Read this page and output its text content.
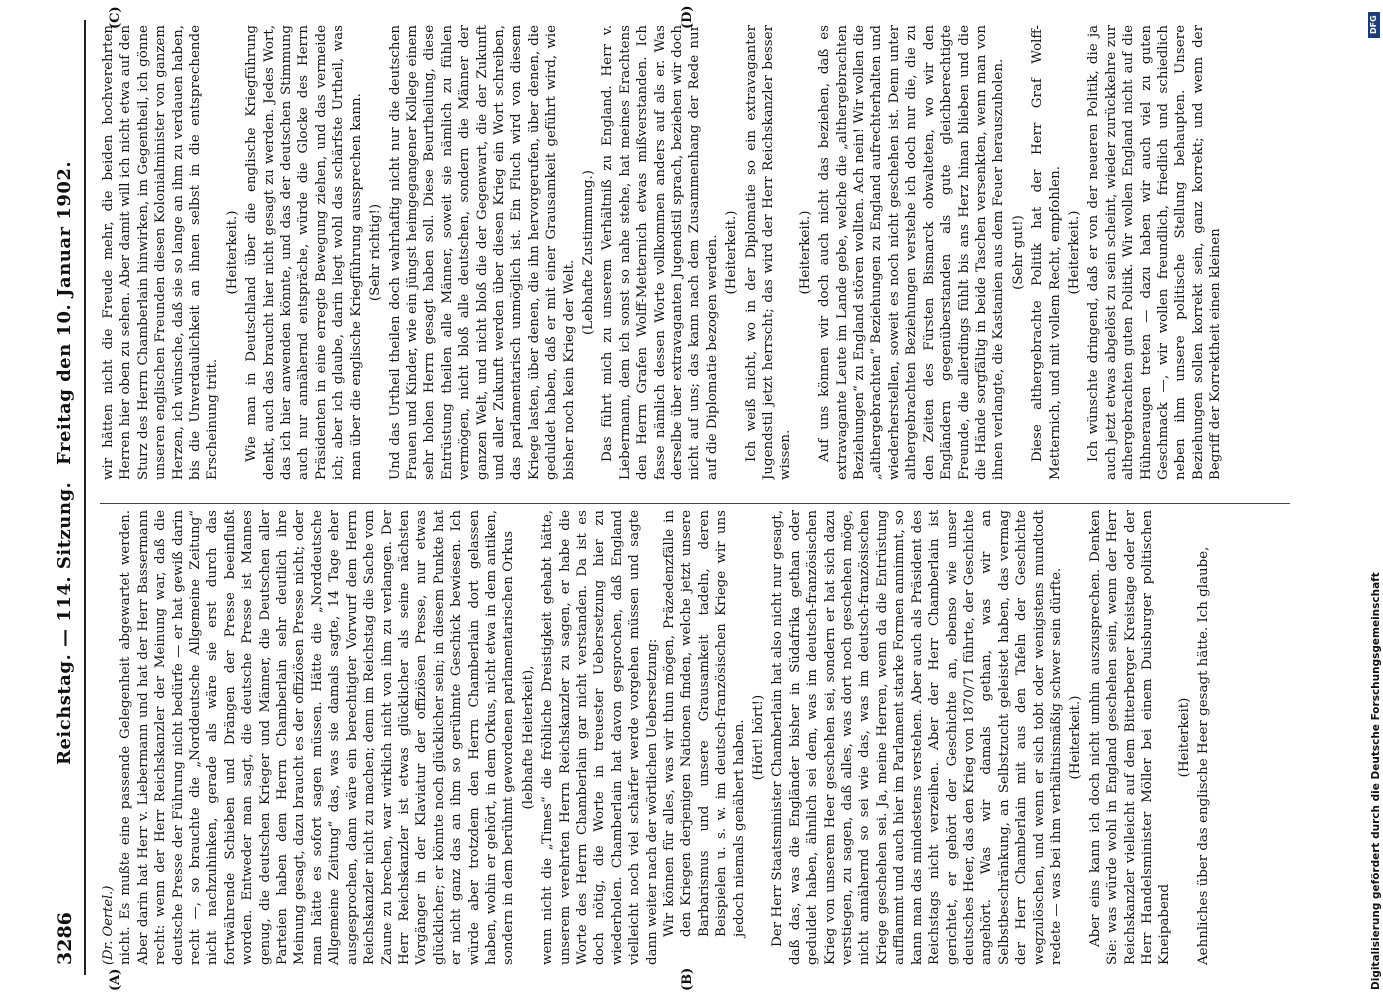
3286
Reichstag. — 114. Sitzung.
Freitag den 10. Januar 1902.
(A)	(B)
(C)	(D)
(Dr. Oertel.) nicht. Es mußte eine passende Gelegenheit abgewartet werden. Aber darin hat Herr v. Liebermann und hat der Herr Bassermann recht: wenn der Herr Reichskanzler der Meinung war, daß die deutsche Presse der Führung nicht bedürfe — er hat gewiß darin recht —, so brauchte die „Norddeutsche Allgemeine Zeitung“ nicht nachzuhinken, gerade als wäre sie erst durch das fortwährende Schieben und Drängen der Presse beeinflußt worden. Entweder man sagt, die deutsche Presse ist Mannes genug, die deutschen Krieger und Männer, die Deutschen aller Parteien haben dem Herrn Chamberlain sehr deutlich ihre Meinung gesagt, dazu braucht es der offiziösen Presse nicht; oder man hätte es sofort sagen müssen. Hätte die „Norddeutsche Allgemeine Zeitung“ das, was sie damals sagte, 14 Tage eher ausgesprochen, dann wäre ein berechtigter Vorwurf dem Herrn Reichskanzler nicht zu machen; denn im Reichstag die Sache vom Zaune zu brechen, war wirklich nicht von ihm zu verlangen. Der Herr Reichskanzler ist etwas glücklicher als seine nächsten Vorgänger in der Klaviatur der offiziösen Presse, nur etwas glücklicher; er könnte noch glücklicher sein; in diesem Punkte hat er nicht ganz das an ihm so gerühmte Geschick bewiesen. Ich würde aber trotzdem den Herrn Chamberlain dort gelassen haben, wohin er gehört, in dem Orkus, nicht etwa in dem antiken, sondern in dem berühmt gewordenen parlamentarischen Orkus (lebhafte Heiterkeit), wenn nicht die „Times“ die fröhliche Dreistigkeit gehabt hätte, unserem verehrten Herrn Reichskanzler zu sagen, er habe die Worte des Herrn Chamberlain gar nicht verstanden. Da ist es doch nötig, die Worte in treuester Uebersetzung hier zu wiederholen. Chamberlain hat davon gesprochen, daß England vielleicht noch viel schärfer werde vorgehen müssen und sagte dann weiter nach der wörtlichen Uebersetzung: Wir können für alles, was wir thun mögen, Präzedenzfälle in den Kriegen derjenigen Nationen finden, welche jetzt unsere Barbarismus und unsere Grausamkeit tadeln, deren Beispielen u. s. w. im deutsch-französischen Kriege wir uns jedoch niemals genähert haben. (Hört! hört!) Der Herr Staatsminister Chamberlain hat also nicht nur gesagt, daß das, was die Engländer bisher in Südafrika gethan oder geduldet haben, ähnlich sei dem, was im deutsch-französischen Krieg von unserem Heer geschehen sei, sondern er hat sich dazu verstiegen, zu sagen, daß alles, was dort noch geschehen möge, nicht annähernd so sei wie das, was im deutsch-französischen Kriege geschehen sei. Ja, meine Herren, wenn da die Entrüstung aufflammt und auch hier im Parlament starke Formen annimmt, so kann man das mindestens verstehen. Aber auch als Präsident des Reichstags nicht verzeihen. Aber der Herr Chamberlain ist gerichtet, er gehört der Geschichte an, ebenso wie unser deutsches Heer, das den Krieg von 1870/71 führte, der Geschichte angehört. Was wir damals gethan, was wir an Selbstbeschränkung, an Selbstzucht geleistet haben, das vermag der Herr Chamberlain mit aus den Tafeln der Geschichte wegzulöschen, und wenn er sich tobt oder wenigstens mundtodt redete — was bei ihm verhältnismäßig schwer sein dürfte. (Heiterkeit.) Aber eins kann ich doch nicht umhin auszusprechen. Denken Sie: was würde wohl in England geschehen sein, wenn der Herr Reichskanzler vielleicht auf dem Bitterberger Kreistage oder der Herr Handelsminister Möller bei einem Duisburger politischen Kneipabend

(Heiterkeit) Aehnliches über das englische Heer gesagt hätte. Ich glaube,

wir hätten nicht die Freude mehr, die beiden hochverehrten Herren hier oben zu sehen. Aber damit will ich nicht etwa auf den Sturz des Herrn Chamberlain hinwirken, im Gegentheil, ich gönne unseren englischen Freunden diesen Kolonialminister von ganzem Herzen, ich wünsche, daß sie so lange an ihm zu verdauen haben, bis die Unverdaulichkeit an ihnen selbst in die entsprechende Erscheinung tritt.

(Heiterkeit.) Wie man in Deutschland über die englische Kriegführung denkt, auch das braucht hier nicht gesagt zu werden. Jedes Wort, das ich hier anwenden könnte, und das der deutschen Stimmung auch nur annähernd entspräche, würde die Glocke des Herrn Präsidenten in eine erregte Bewegung ziehen, und das vermeide ich; aber ich glaube, darin liegt wohl das schärfste Urtheil, was man über die englische Kriegführung aussprechen kann. (Sehr richtig!) Und das Urtheil theilen doch wahrhaftig nicht nur die deutschen Frauen und Kinder, wie ein jüngst heimgegangener Kollege einem sehr hohen Herrn gesagt haben soll. Diese Beurtheilung, diese Entrüstung theilen alle Männer, soweit sie nämlich zu fühlen vermögen, nicht bloß alle deutschen, sondern die Männer der ganzen Welt, und nicht bloß die der Gegenwart, die der Zukunft und aller Zukunft werden über diesen Krieg ein Wort schreiben, das parlamentarisch unmöglich ist. Ein Fluch wird von diesem Kriege lasten, über denen, die ihn hervorgerufen, über denen, die geduldet haben, daß er mit einer Grausamkeit geführt wird, wie bisher noch kein Krieg der Welt.

(Lebhafte Zustimmung.) Das führt mich zu unserem Verhältniß zu England. Herr v. Liebermann, dem ich sonst so nahe stehe, hat meines Erachtens den Herrn Grafen Wolff-Metternich etwas mißverstanden. Ich fasse nämlich dessen Worte vollkommen anders auf als er. Was derselbe über extravaganten Jugendstil sprach, beziehen wir doch nicht auf uns; das kann nach dem Zusammenhang der Rede nur auf die Diplomatie bezogen werden. (Heiterkeit.) Ich weiß nicht, wo in der Diplomatie so ein extravaganter Jugendstil jetzt herrscht; das wird der Herr Reichskanzler besser wissen.

(Heiterkeit.) Auf uns können wir doch auch nicht das beziehen, daß es extravagante Leute im Lande gebe, welche die „althergebrachten Beziehungen“ zu England stören wollten. Ach nein! Wir wollen die „althergebrachten“ Beziehungen zu England aufrechterhalten und wiederherstellen, soweit es noch nicht geschehen ist. Denn unter althergebrachten Beziehungen verstehe ich doch nur die, die zu den Zeiten des Fürsten Bismarck obwalteten, wo wir den Engländern gegenüberstanden als gute gleichberechtigte Freunde, die allerdings fühlt bis ans Herz hinan blieben und die die Hände sorgfältig in beide Taschen versenkten, wenn man von ihnen verlangte, die Kastanien aus dem Feuer herauszuholen. (Sehr gut!) Diese althergebrachte Politik hat der Herr Graf Wolff-Metternich, und mit vollem Recht, empfohlen. (Heiterkeit.) Ich wünschte dringend, daß er von der neueren Politik, die ja auch jetzt etwas abgelöst zu sein scheint, wieder zurückkehre zur althergebrachten guten Politik. Wir wollen England nicht auf die Hühneraugen treten — dazu haben wir auch viel zu guten Geschmack —, wir wollen freundlich, friedlich und schiedlich neben ihm unsere politische Stellung behaupten. Unsere Beziehungen sollen korrekt sein, ganz korrekt; und wenn der Begriff der Korrektheit einen kleinen

Digitalisierung gefördert durch die Deutsche Forschungsgemeinschaft
DFG
